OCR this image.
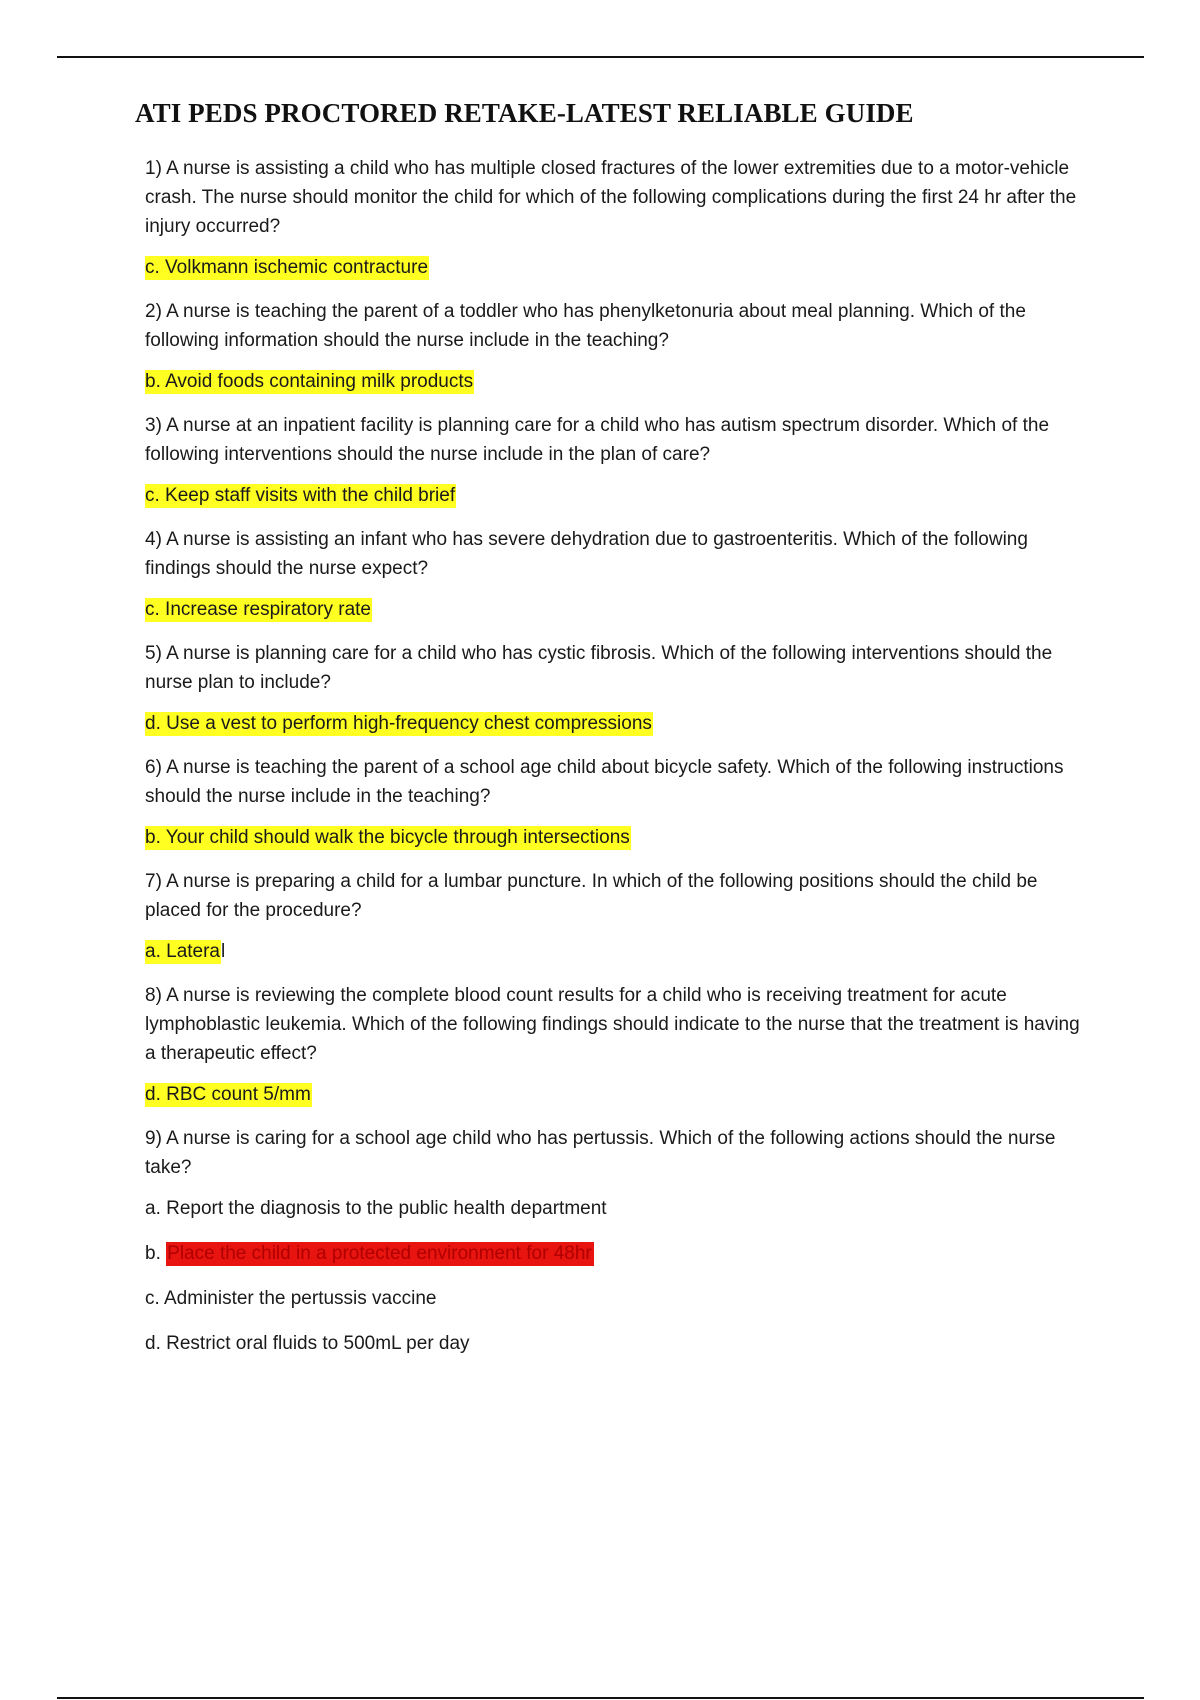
ATI PEDS PROCTORED RETAKE-LATEST RELIABLE GUIDE

1) A nurse is assisting a child who has multiple closed fractures of the lower extremities due to a motor-vehicle crash. The nurse should monitor the child for which of the following complications during the first 24 hr after the injury occurred?

c. Volkmann ischemic contracture

2) A nurse is teaching the parent of a toddler who has phenylketonuria about meal planning. Which of the following information should the nurse include in the teaching?

b. Avoid foods containing milk products

3) A nurse at an inpatient facility is planning care for a child who has autism spectrum disorder. Which of the following interventions should the nurse include in the plan of care?

c. Keep staff visits with the child brief

4) A nurse is assisting an infant who has severe dehydration due to gastroenteritis. Which of the following findings should the nurse expect?

c. Increase respiratory rate

5) A nurse is planning care for a child who has cystic fibrosis. Which of the following interventions should the nurse plan to include?

d. Use a vest to perform high-frequency chest compressions

6) A nurse is teaching the parent of a school age child about bicycle safety. Which of the following instructions should the nurse include in the teaching?

b. Your child should walk the bicycle through intersections

7) A nurse is preparing a child for a lumbar puncture. In which of the following positions should the child be placed for the procedure?

a. Lateral

8) A nurse is reviewing the complete blood count results for a child who is receiving treatment for acute lymphoblastic leukemia. Which of the following findings should indicate to the nurse that the treatment is having a therapeutic effect?

d. RBC count 5/mm

9) A nurse is caring for a school age child who has pertussis. Which of the following actions should the nurse take?

a. Report the diagnosis to the public health department

b. Place the child in a protected environment for 48hr

c. Administer the pertussis vaccine

d. Restrict oral fluids to 500mL per day
